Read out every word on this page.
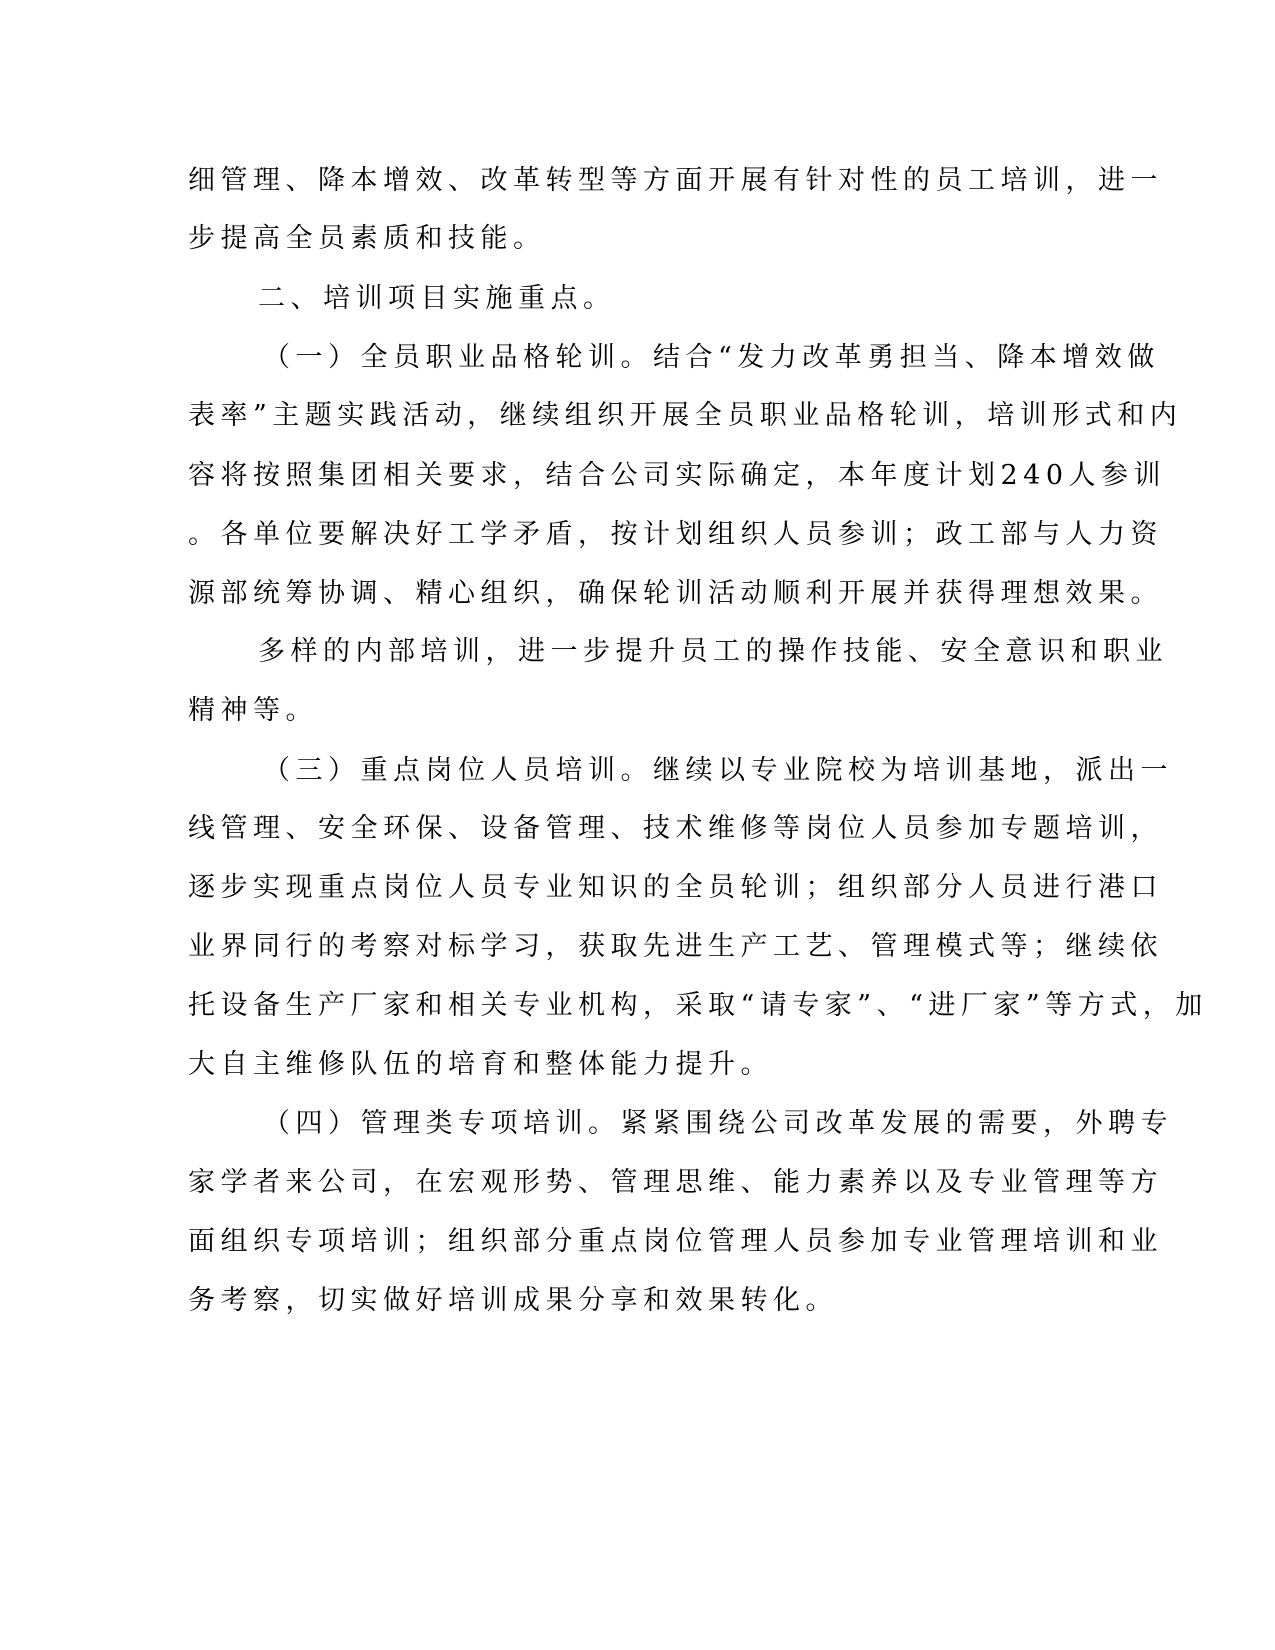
细管理、降本增效、改革转型等方面开展有针对性的员工培训，进一
步提高全员素质和技能。
二、培训项目实施重点。
（一）全员职业品格轮训。结合“发力改革勇担当、降本增效做
表率”主题实践活动，继续组织开展全员职业品格轮训，培训形式和内
容将按照集团相关要求，结合公司实际确定，本年度计划240人参训
。各单位要解决好工学矛盾，按计划组织人员参训；政工部与人力资
源部统筹协调、精心组织，确保轮训活动顺利开展并获得理想效果。
多样的内部培训，进一步提升员工的操作技能、安全意识和职业
精神等。
（三）重点岗位人员培训。继续以专业院校为培训基地，派出一
线管理、安全环保、设备管理、技术维修等岗位人员参加专题培训，
逐步实现重点岗位人员专业知识的全员轮训；组织部分人员进行港口
业界同行的考察对标学习，获取先进生产工艺、管理模式等；继续依
托设备生产厂家和相关专业机构，采取“请专家”、“进厂家”等方式，加
大自主维修队伍的培育和整体能力提升。
（四）管理类专项培训。紧紧围绕公司改革发展的需要，外聘专
家学者来公司，在宏观形势、管理思维、能力素养以及专业管理等方
面组织专项培训；组织部分重点岗位管理人员参加专业管理培训和业
务考察，切实做好培训成果分享和效果转化。
